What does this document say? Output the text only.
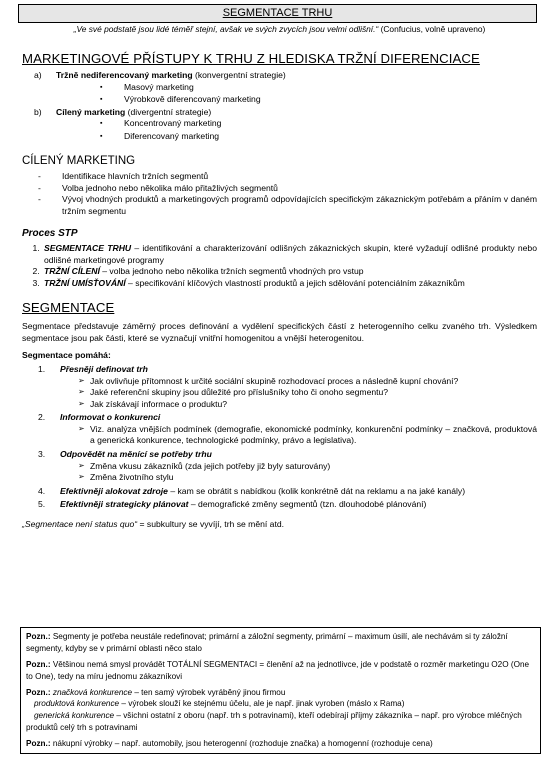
SEGMENTACE TRHU
„Ve své podstatě jsou lidé téměř stejní, avšak ve svých zvycích jsou velmi odlišní.“ (Confucius, volně upraveno)
MARKETINGOVÉ PŘÍSTUPY K TRHU Z HLEDISKA TRŽNÍ DIFERENCIACE
a)	Tržně nediferencovaný marketing (konvergentní strategie)
▪	Masový marketing
▪	Výrobkově diferencovaný marketing
b)	Cílený marketing (divergentní strategie)
▪	Koncentrovaný marketing
▪	Diferencovaný marketing
CÍLENÝ MARKETING
-	Identifikace hlavních tržních segmentů
-	Volba jednoho nebo několika málo přitažlivých segmentů
-	Vývoj vhodných produktů a marketingových programů odpovídajících specifickým zákaznickým potřebám a přáním v daném tržním segmentu
Proces STP
1. SEGMENTACE TRHU – identifikování a charakterizování odlišných zákaznických skupin, které vyžadují odlišné produkty nebo odlišné marketingové programy
2. TRŽNÍ CÍLENÍ – volba jednoho nebo několika tržních segmentů vhodných pro vstup
3. TRŽNÍ UMÍSŤOVÁNÍ – specifikování klíčových vlastností produktů a jejich sdělování potenciálním zákazníkům
SEGMENTACE
Segmentace představuje záměrný proces definování a vydělení specifických částí z heterogenního celku zvaného trh. Výsledkem segmentace jsou pak části, které se vyznačují vnitřní homogenitou a vnější heterogenitou.
Segmentace pomáhá:
1.	Přesněji definovat trh
➢ Jak ovlivňuje přítomnost k určité sociální skupině rozhodovací proces a následně kupní chování?
➢ Jaké referenční skupiny jsou důležité pro příslušníky toho či onoho segmentu?
➢ Jak získávají informace o produktu?
2.	Informovat o konkurenci
➢ Viz. analýza vnějších podmínek (demografie, ekonomické podmínky, konkurenční podmínky – značková, produktová a generická konkurence, technologické podmínky, právo a legislativa).
3.	Odpovědět na měnící se potřeby trhu
➢ Změna vkusu zákazníků (zda jejich potřeby již byly saturovány)
➢ Změna životního stylu
4.	Efektivněji alokovat zdroje – kam se obrátit s nabídkou (kolik konkrétně dát na reklamu a na jaké kanály)
5.	Efektivněji strategicky plánovat – demografické změny segmentů (tzn. dlouhodobé plánování)
„Segmentace není status quo“ = subkultury se vyvíjí, trh se mění atd.
Pozn.: Segmenty je potřeba neustále redefinovat; primární a záložní segmenty, primární – maximum úsilí, ale nechávám si ty záložní segmenty, kdyby se v primární oblasti něco stalo
Pozn.: Většinou nemá smysl provádět TOTÁLNÍ SEGMENTACI = členění až na jednotlivce, jde v podstatě o rozměr marketingu O2O (One to One), tedy na míru jednomu zákazníkovi
Pozn.: značková konkurence – ten samý výrobek vyráběný jinou firmou
produktová konkurence – výrobek slouží ke stejnému účelu, ale je např. jinak vyroben (máslo x Rama)
generická konkurence – všichni ostatní z oboru (např. trh s potravinami), kteří odebírají příjmy zákazníka – např. pro výrobce mléčných produktů celý trh s potravinami
Pozn.: nákupní výrobky – např. automobily, jsou heterogenní (rozhoduje značka) a homogenní (rozhoduje cena)
